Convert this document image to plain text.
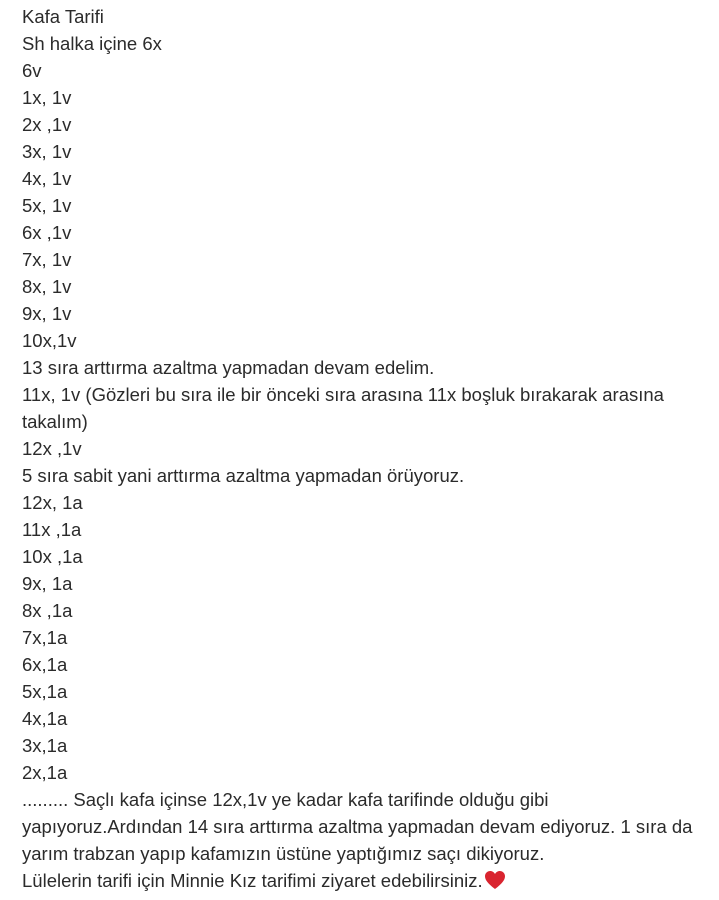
Kafa Tarifi

Sh halka içine 6x

6v

1x, 1v

2x ,1v

3x, 1v

4x, 1v

5x, 1v

6x ,1v

7x, 1v

8x, 1v

9x, 1v

10x,1v

13 sıra arttırma azaltma yapmadan devam edelim.

11x, 1v (Gözleri bu sıra ile bir önceki sıra arasına 11x boşluk bırakarak arasına takalım)

12x ,1v

5 sıra sabit yani arttırma azaltma yapmadan örüyoruz.

12x, 1a

11x ,1a

10x ,1a

9x, 1a

8x ,1a

7x,1a

6x,1a

5x,1a

4x,1a

3x,1a

2x,1a

......... Saçlı kafa içinse 12x,1v ye kadar kafa tarifinde olduğu gibi yapıyoruz.Ardından 14 sıra arttırma azaltma yapmadan devam ediyoruz. 1 sıra da yarım trabzan yapıp kafamızın üstüne yaptığımız saçı dikiyoruz.

Lülelerin tarifi için Minnie Kız tarifimi ziyaret edebilirsiniz.
